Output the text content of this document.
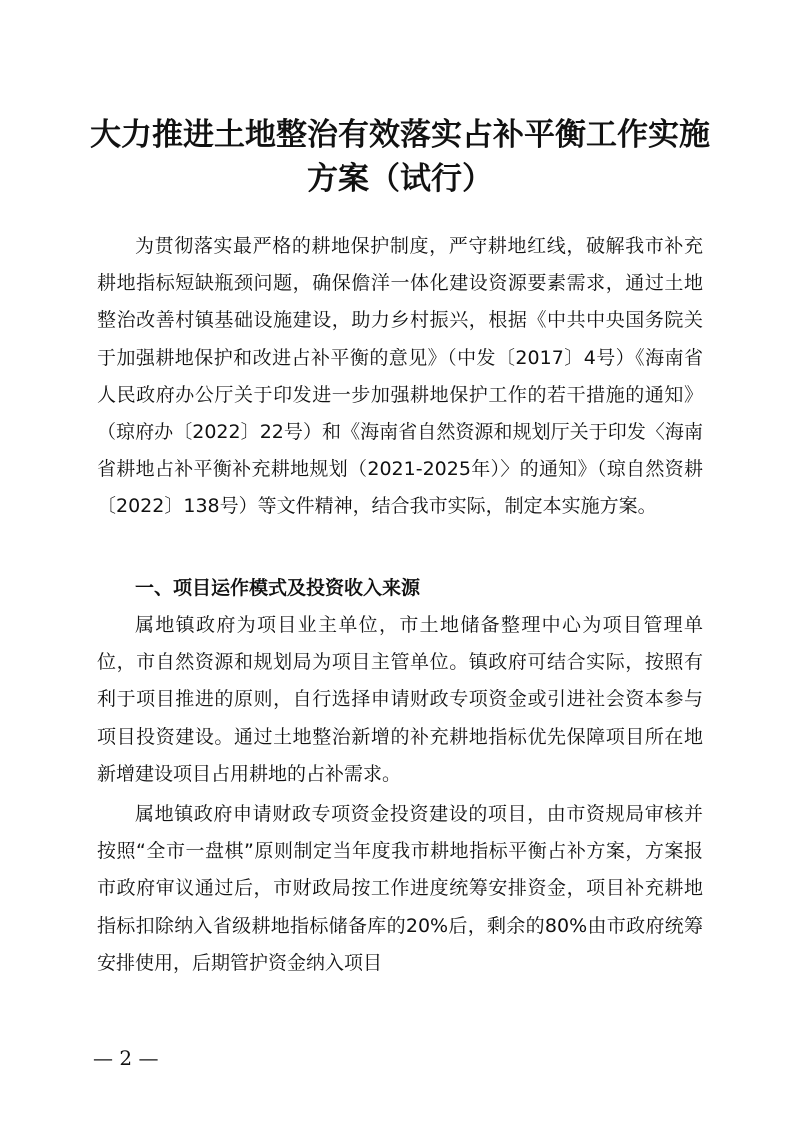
大力推进土地整治有效落实占补平衡工作实施
方案（试行）

为贯彻落实最严格的耕地保护制度，严守耕地红线，破解我市补充耕地指标短缺瓶颈问题，确保儋洋一体化建设资源要素需求，通过土地整治改善村镇基础设施建设，助力乡村振兴，根据《中共中央国务院关于加强耕地保护和改进占补平衡的意见》（中发〔2017〕4号）《海南省人民政府办公厅关于印发进一步加强耕地保护工作的若干措施的通知》（琼府办〔2022〕22号）和《海南省自然资源和规划厅关于印发〈海南省耕地占补平衡补充耕地规划（2021-2025年）〉的通知》（琼自然资耕〔2022〕138号）等文件精神，结合我市实际，制定本实施方案。

一、项目运作模式及投资收入来源

属地镇政府为项目业主单位，市土地储备整理中心为项目管理单位，市自然资源和规划局为项目主管单位。镇政府可结合实际，按照有利于项目推进的原则，自行选择申请财政专项资金或引进社会资本参与项目投资建设。通过土地整治新增的补充耕地指标优先保障项目所在地新增建设项目占用耕地的占补需求。

属地镇政府申请财政专项资金投资建设的项目，由市资规局审核并按照“全市一盘棋”原则制定当年度我市耕地指标平衡占补方案，方案报市政府审议通过后，市财政局按工作进度统筹安排资金，项目补充耕地指标扣除纳入省级耕地指标储备库的20%后，剩余的80%由市政府统筹安排使用，后期管护资金纳入项目

— 2 —
